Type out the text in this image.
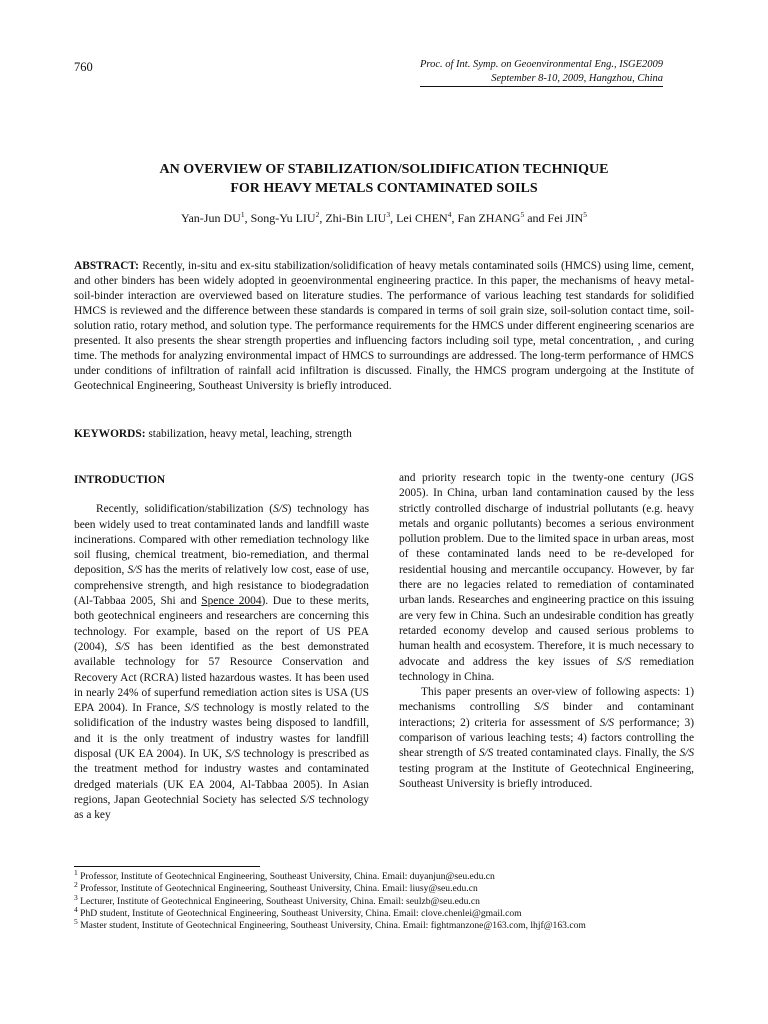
760	Proc. of Int. Symp. on Geoenvironmental Eng., ISGE2009
September 8-10, 2009, Hangzhou, China
AN OVERVIEW OF STABILIZATION/SOLIDIFICATION TECHNIQUE
FOR HEAVY METALS CONTAMINATED SOILS
Yan-Jun $DU^1$, Song-Yu LIU$^2$, Zhi-Bin LIU$^3$, Lei CHEN$^4$, Fan ZHANG$^5$ and Fei JIN$^5$
ABSTRACT: Recently, in-situ and ex-situ stabilization/solidification of heavy metals contaminated soils (HMCS) using lime, cement, and other binders has been widely adopted in geoenvironmental engineering practice. In this paper, the mechanisms of heavy metal-soil-binder interaction are overviewed based on literature studies. The performance of various leaching test standards for solidified HMCS is reviewed and the difference between these standards is compared in terms of soil grain size, soil-solution contact time, soil-solution ratio, rotary method, and solution type. The performance requirements for the HMCS under different engineering scenarios are presented. It also presents the shear strength properties and influencing factors including soil type, metal concentration, , and curing time. The methods for analyzing environmental impact of HMCS to surroundings are addressed. The long-term performance of HMCS under conditions of infiltration of rainfall acid infiltration is discussed. Finally, the HMCS program undergoing at the Institute of Geotechnical Engineering, Southeast University is briefly introduced.
KEYWORDS: stabilization, heavy metal, leaching, strength
INTRODUCTION

Recently, solidification/stabilization (S/S) technology has been widely used to treat contaminated lands and landfill waste incinerations. Compared with other remediation technology like soil flusing, chemical treatment, bio-remediation, and thermal deposition, S/S has the merits of relatively low cost, ease of use, comprehensive strength, and high resistance to biodegradation (Al-Tabbaa 2005, Shi and Spence 2004). Due to these merits, both geotechnical engineers and researchers are concerning this technology. For example, based on the report of US PEA (2004), S/S has been identified as the best demonstrated available technology for 57 Resource Conservation and Recovery Act (RCRA) listed hazardous wastes. It has been used in nearly 24% of superfund remediation action sites is USA (US EPA 2004). In France, S/S technology is mostly related to the solidification of the industry wastes being disposed to landfill, and it is the only treatment of industry wastes for landfill disposal (UK EA 2004). In UK, S/S technology is prescribed as the treatment method for industry wastes and contaminated dredged materials (UK EA 2004, Al-Tabbaa 2005). In Asian regions, Japan Geotechnial Society has selected S/S technology as a key

and priority research topic in the twenty-one century (JGS 2005). In China, urban land contamination caused by the less strictly controlled discharge of industrial pollutants (e.g. heavy metals and organic pollutants) becomes a serious environment pollution problem. Due to the limited space in urban areas, most of these contaminated lands need to be re-developed for residential housing and mercantile occupancy. However, by far there are no legacies related to remediation of contaminated urban lands. Researches and engineering practice on this issuing are very few in China. Such an undesirable condition has greatly retarded economy develop and caused serious problems to human health and ecosystem. Therefore, it is much necessary to advocate and address the key issues of S/S remediation technology in China.

This paper presents an over-view of following aspects: 1) mechanisms controlling S/S binder and contaminant interactions; 2) criteria for assessment of S/S performance; 3) comparison of various leaching tests; 4) factors controlling the shear strength of S/S treated contaminated clays. Finally, the S/S testing program at the Institute of Geotechnical Engineering, Southeast University is briefly introduced.

$^1$ Professor, Institute of Geotechnical Engineering, Southeast University, China. Email: duyanjun@seu.edu.cn
$^2$ Professor, Institute of Geotechnical Engineering, Southeast University, China. Email: liusy@seu.edu.cn
$^3$ Lecturer, Institute of Geotechnical Engineering, Southeast University, China. Email: seulzb@seu.edu.cn
$^4$ PhD student, Institute of Geotechnical Engineering, Southeast University, China. Email: clove.chenlei@gmail.com
$^5$ Master student, Institute of Geotechnical Engineering, Southeast University, China. Email: fightmanzone@163.com, lhjf@163.com
